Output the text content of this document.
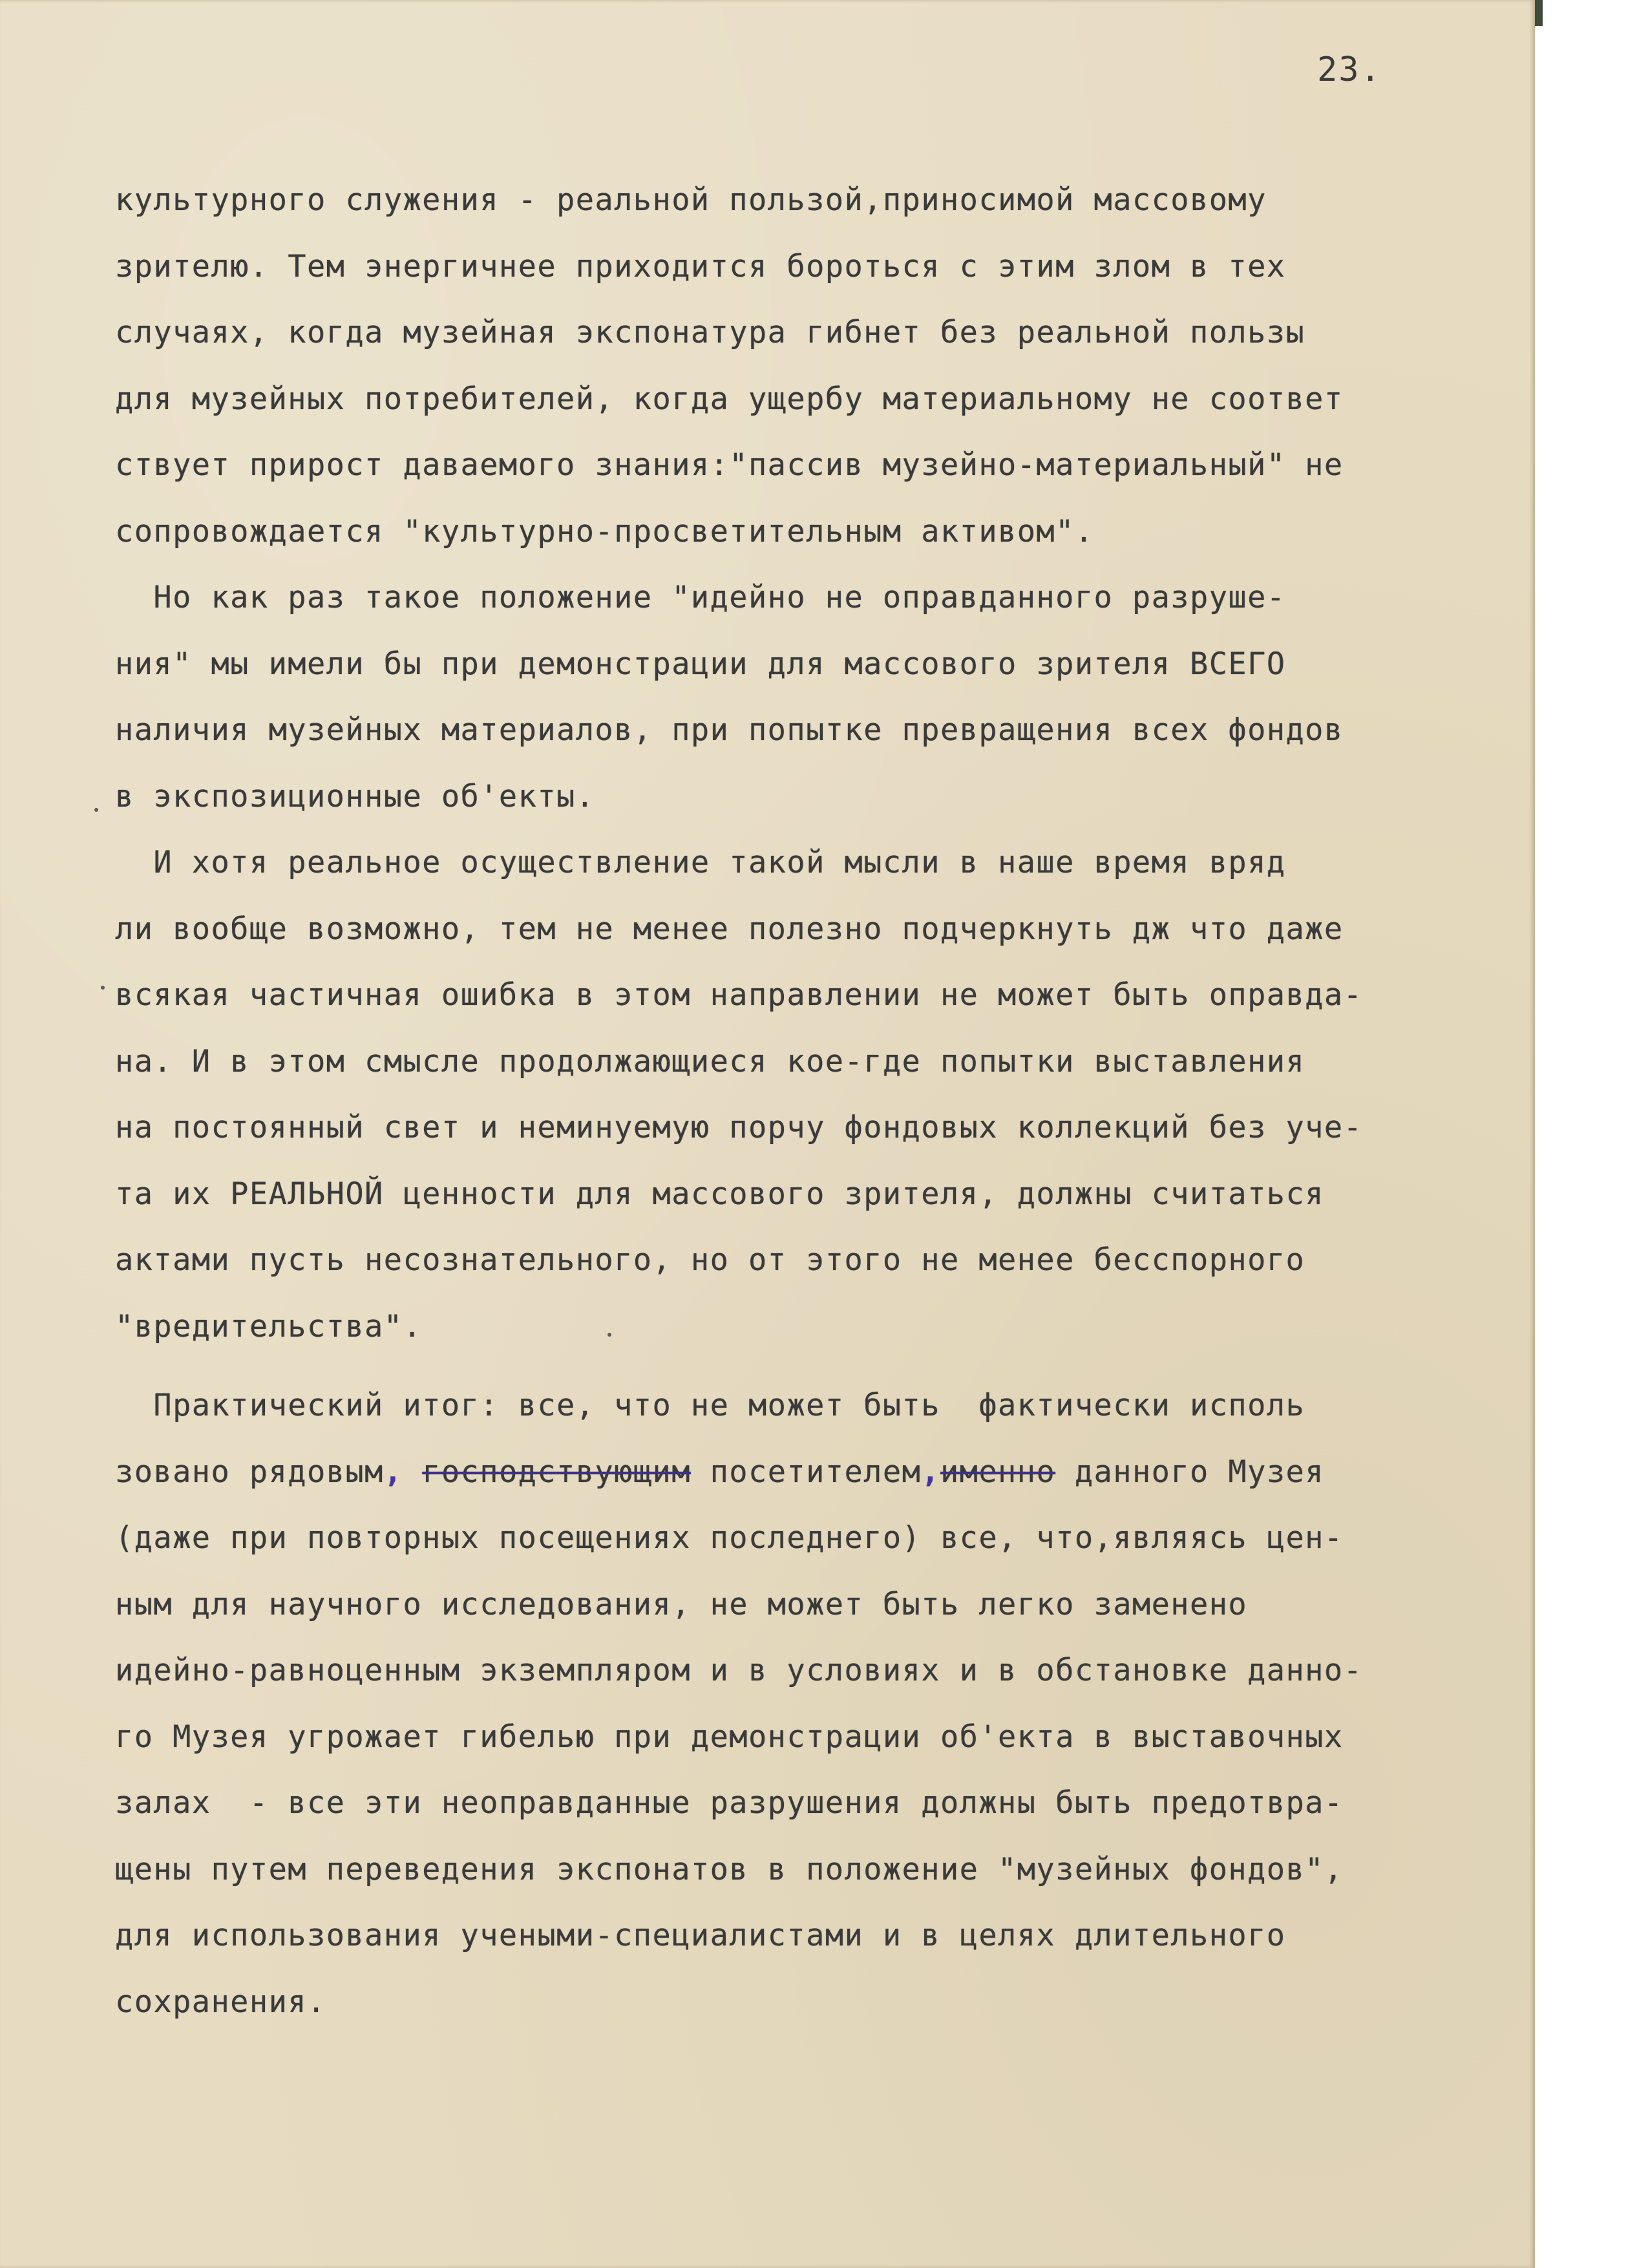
23.
культурного служения - реальной пользой,приносимой массовому
зрителю. Тем энергичнее приходится бороться с этим злом в тех
случаях, когда музейная экспонатура гибнет без реальной пользы
для музейных потребителей, когда ущербу материальному не соответ
ствует прирост даваемого знания:"пассив музейно-материальный" не
сопровождается "культурно-просветительным активом".
Но как раз такое положение "идейно не оправданного разруше-
ния" мы имели бы при демонстрации для массового зрителя ВСЕГО
наличия музейных материалов, при попытке превращения всех фондов
в экспозиционные об'екты.
И хотя реальное осуществление такой мысли в наше время вряд
ли вообще возможно, тем не менее полезно подчеркнуть дж что даже
всякая частичная ошибка в этом направлении не может быть оправда-
на. И в этом смысле продолжающиеся кое-где попытки выставления
на постоянный свет и неминуемую порчу фондовых коллекций без уче-
та их РЕАЛЬНОЙ ценности для массового зрителя, должны считаться
актами пусть несознательного, но от этого не менее бесспорного
"вредительства".
Практический итог: все, что не может быть  фактически исполь
зовано рядовым, господствующим посетителем,именно данного Музея
(даже при повторных посещениях последнего) все, что,являясь цен-
ным для научного исследования, не может быть легко заменено
идейно-равноценным экземпляром и в условиях и в обстановке данно-
го Музея угрожает гибелью при демонстрации об'екта в выставочных
залах  - все эти неоправданные разрушения должны быть предотвра-
щены путем переведения экспонатов в положение "музейных фондов",
для использования учеными-специалистами и в целях длительного
сохранения.
